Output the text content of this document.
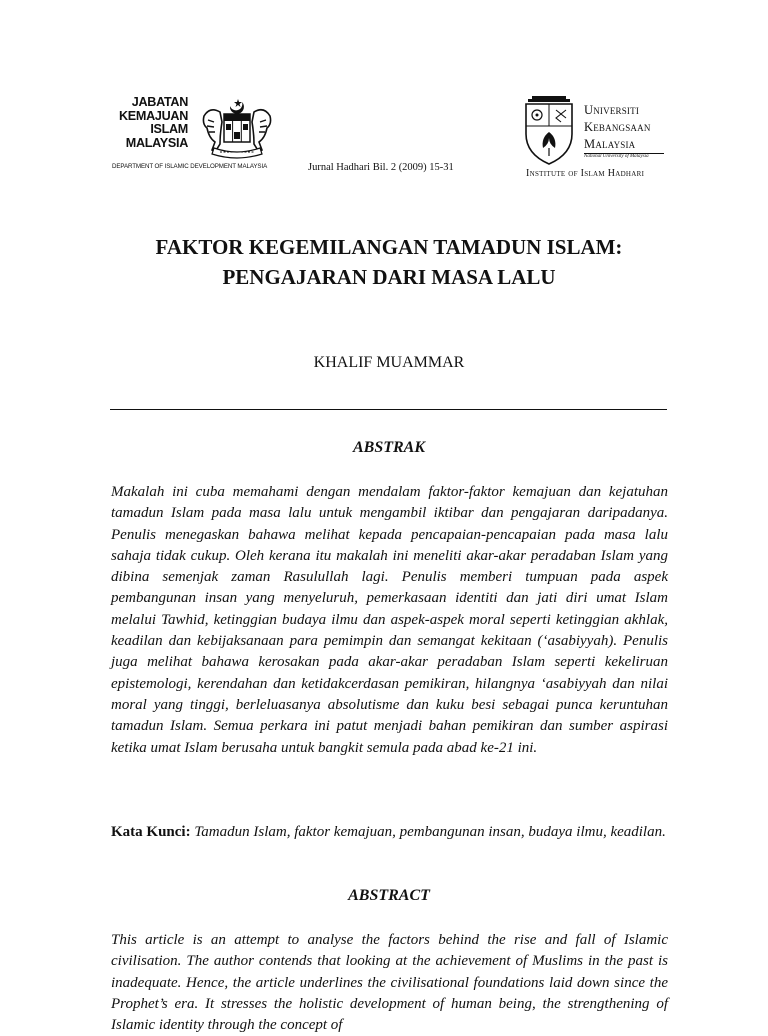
JABATAN
KEMAJUAN
ISLAM
MALAYSIA
DEPARTMENT OF ISLAMIC DEVELOPMENT MALAYSIA	Jurnal Hadhari Bil. 2 (2009) 15-31
Universiti
Kebangsaan
Malaysia
National University of Malaysia
Institute of Islam Hadhari
FAKTOR KEGEMILANGAN TAMADUN ISLAM:
PENGAJARAN DARI MASA LALU
KHALIF MUAMMAR
ABSTRAK

Makalah ini cuba memahami dengan mendalam faktor-faktor kemajuan dan kejatuhan tamadun Islam pada masa lalu untuk mengambil iktibar dan pengajaran daripadanya. Penulis menegaskan bahawa melihat kepada pencapaian-pencapaian pada masa lalu sahaja tidak cukup. Oleh kerana itu makalah ini meneliti akar-akar peradaban Islam yang dibina semenjak zaman Rasulullah lagi. Penulis memberi tumpuan pada aspek pembangunan insan yang menyeluruh, pemerkasaan identiti dan jati diri umat Islam melalui Tawhid, ketinggian budaya ilmu dan aspek-aspek moral seperti ketinggian akhlak, keadilan dan kebijaksanaan para pemimpin dan semangat kekitaan (‘asabiyyah). Penulis juga melihat bahawa kerosakan pada akar-akar peradaban Islam seperti kekeliruan epistemologi, kerendahan dan ketidakcerdasan pemikiran, hilangnya ‘asabiyyah dan nilai moral yang tinggi, berleluasanya absolutisme dan kuku besi sebagai punca keruntuhan tamadun Islam. Semua perkara ini patut menjadi bahan pemikiran dan sumber aspirasi ketika umat Islam berusaha untuk bangkit semula pada abad ke-21 ini.

Kata Kunci: Tamadun Islam, faktor kemajuan, pembangunan insan, budaya ilmu, keadilan.

ABSTRACT

This article is an attempt to analyse the factors behind the rise and fall of Islamic civilisation. The author contends that looking at the achievement of Muslims in the past is inadequate. Hence, the article underlines the civilisational foundations laid down since the Prophet’s era. It stresses the holistic development of human being, the strengthening of Islamic identity through the concept of
